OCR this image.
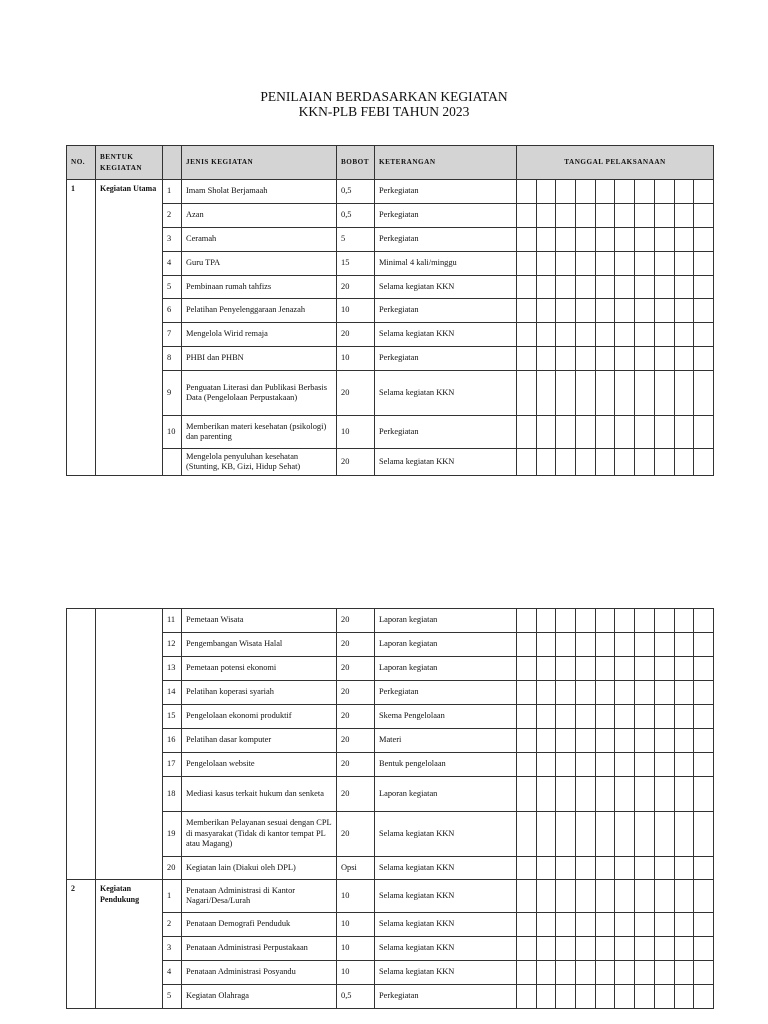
PENILAIAN BERDASARKAN KEGIATAN
KKN-PLB FEBI TAHUN 2023
NO.	BENTUK KEGIATAN		JENIS KEGIATAN	BOBOT	KETERANGAN	TANGGAL PELAKSANAAN									
1	Kegiatan Utama	1	Imam Sholat Berjamaah	0,5	Perkegiatan										
		2	Azan	0,5	Perkegiatan										
		3	Ceramah	5	Perkegiatan										
		4	Guru TPA	15	Minimal 4 kali/minggu										
		5	Pembinaan rumah tahfizs	20	Selama kegiatan KKN										
		6	Pelatihan Penyelenggaraan Jenazah	10	Perkegiatan										
		7	Mengelola Wirid remaja	20	Selama kegiatan KKN										
		8	PHBI dan PHBN	10	Perkegiatan										
		9	Penguatan Literasi dan Publikasi Berbasis Data (Pengelolaan Perpustakaan)	20	Selama kegiatan KKN										
		10	Memberikan materi kesehatan (psikologi) dan parenting	10	Perkegiatan										
			Mengelola penyuluhan kesehatan (Stunting, KB, Gizi, Hidup Sehat)	20	Selama kegiatan KKN										
		11	Pemetaan Wisata	20	Laporan kegiatan										
		12	Pengembangan Wisata Halal	20	Laporan kegiatan										
		13	Pemetaan potensi ekonomi	20	Laporan kegiatan										
		14	Pelatihan koperasi syariah	20	Perkegiatan										
		15	Pengelolaan ekonomi produktif	20	Skema Pengelolaan										
		16	Pelatihan dasar komputer	20	Materi										
		17	Pengelolaan website	20	Bentuk pengelolaan										
		18	Mediasi kasus terkait hukum dan senketa	20	Laporan kegiatan										
		19	Memberikan Pelayanan sesuai dengan CPL di masyarakat (Tidak di kantor tempat PL atau Magang)	20	Selama kegiatan KKN										
		20	Kegiatan lain (Diakui oleh DPL)	Opsi	Selama kegiatan KKN										
2	Kegiatan Pendukung	1	Penataan Administrasi di Kantor Nagari/Desa/Lurah	10	Selama kegiatan KKN										
		2	Penataan Demografi Penduduk	10	Selama kegiatan KKN										
		3	Penataan Administrasi Perpustakaan	10	Selama kegiatan KKN										
		4	Penataan Administrasi Posyandu	10	Selama kegiatan KKN										
		5	Kegiatan Olahraga	0,5	Perkegiatan										
